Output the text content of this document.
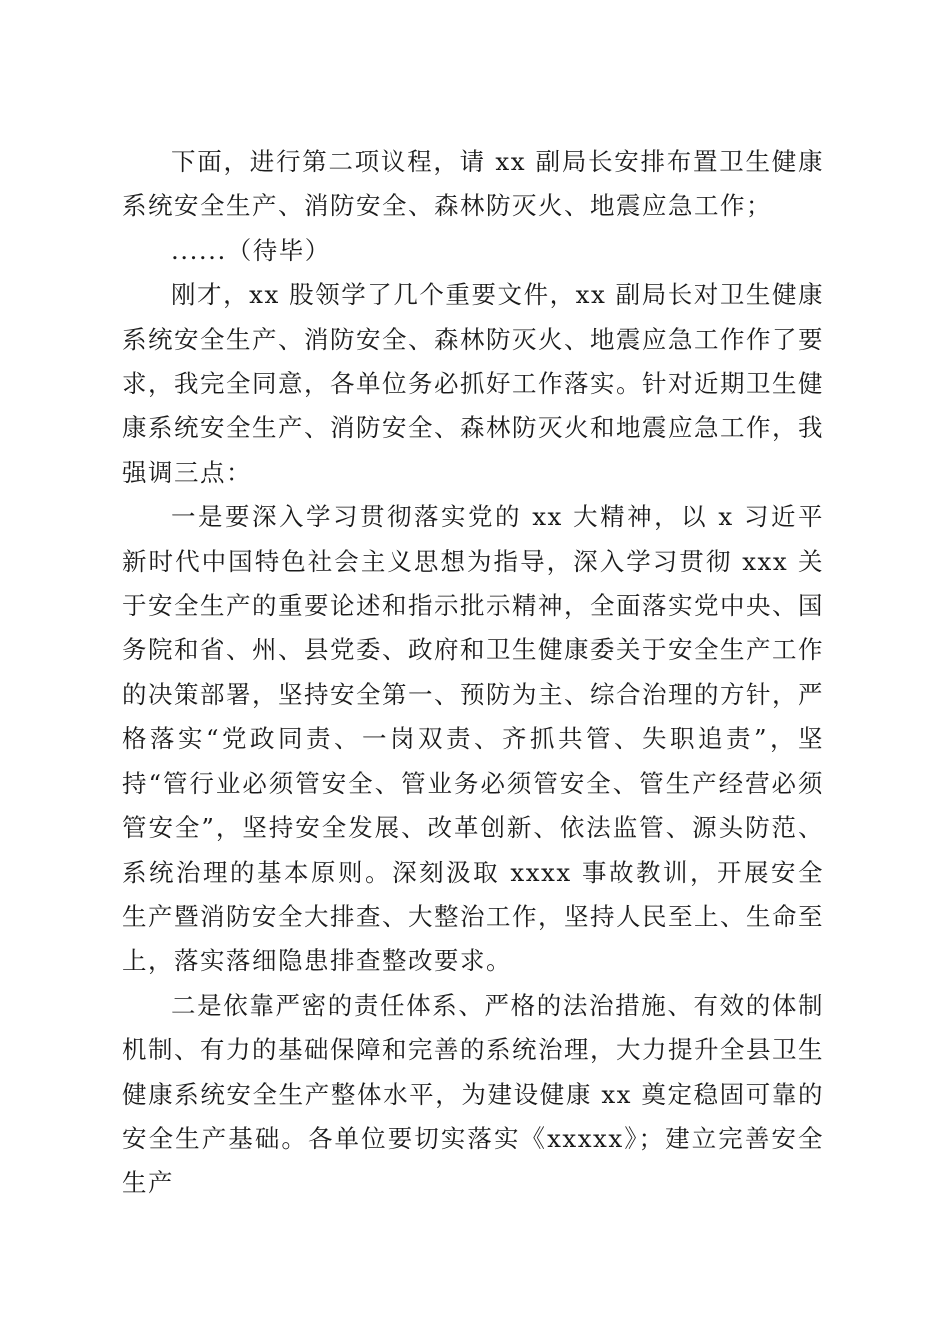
下面，进行第二项议程，请 xx 副局长安排布置卫生健康系统安全生产、消防安全、森林防灭火、地震应急工作；

......（待毕）

刚才，xx 股领学了几个重要文件，xx 副局长对卫生健康系统安全生产、消防安全、森林防灭火、地震应急工作作了要求，我完全同意，各单位务必抓好工作落实。针对近期卫生健康系统安全生产、消防安全、森林防灭火和地震应急工作，我强调三点：

一是要深入学习贯彻落实党的 xx 大精神，以 x 习近平新时代中国特色社会主义思想为指导，深入学习贯彻 xxx 关于安全生产的重要论述和指示批示精神，全面落实党中央、国务院和省、州、县党委、政府和卫生健康委关于安全生产工作的决策部署，坚持安全第一、预防为主、综合治理的方针，严格落实“党政同责、一岗双责、齐抓共管、失职追责”，坚持“管行业必须管安全、管业务必须管安全、管生产经营必须管安全”，坚持安全发展、改革创新、依法监管、源头防范、系统治理的基本原则。深刻汲取 xxxx 事故教训，开展安全生产暨消防安全大排查、大整治工作，坚持人民至上、生命至上，落实落细隐患排查整改要求。

二是依靠严密的责任体系、严格的法治措施、有效的体制机制、有力的基础保障和完善的系统治理，大力提升全县卫生健康系统安全生产整体水平，为建设健康 xx 奠定稳固可靠的安全生产基础。各单位要切实落实《xxxxx》；建立完善安全生产
